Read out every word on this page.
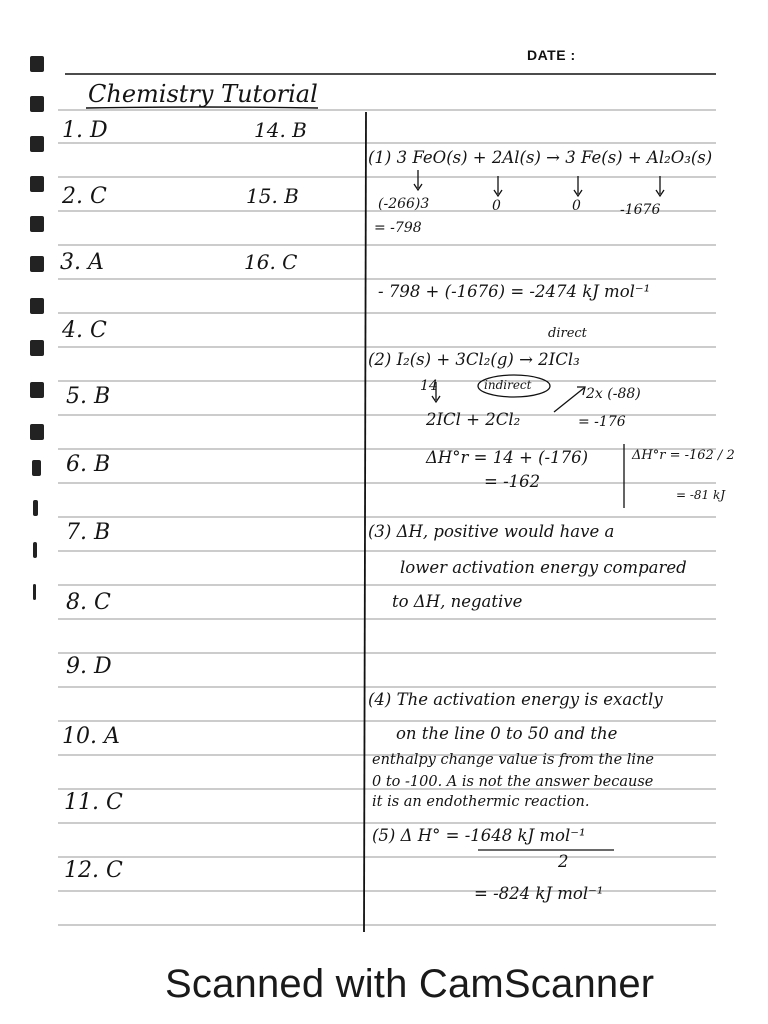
DATE :
Chemistry Tutorial
1. D
2. C
3. A
4. C
5. B
6. B
7. B
8. C
9. D
10. A
11. C
12. C
14. B
15. B
16. C
(1) 3 FeO(s) + 2Al(s) → 3 Fe(s) + Al₂O₃(s)
(-266)3	0	0	-1676
= -798
- 798 + (-1676) = -2474 kJ mol⁻¹
direct
(2) I₂(s) + 3Cl₂(g) → 2ICl₃
14	indirect
2x (-88)
2ICl + 2Cl₂	= -176
ΔH°r = 14 + (-176)
= -162
ΔH°r = -162 / 2
= -81 kJ
(3) ΔH, positive would have a
lower activation energy compared
to ΔH, negative
(4) The activation energy is exactly
on the line 0 to 50 and the
enthalpy change value is from the line
0 to -100. A is not the answer because
it is an endothermic reaction.
(5) Δ H° = -1648 kJ mol⁻¹
2
= -824 kJ mol⁻¹
Scanned with CamScanner
